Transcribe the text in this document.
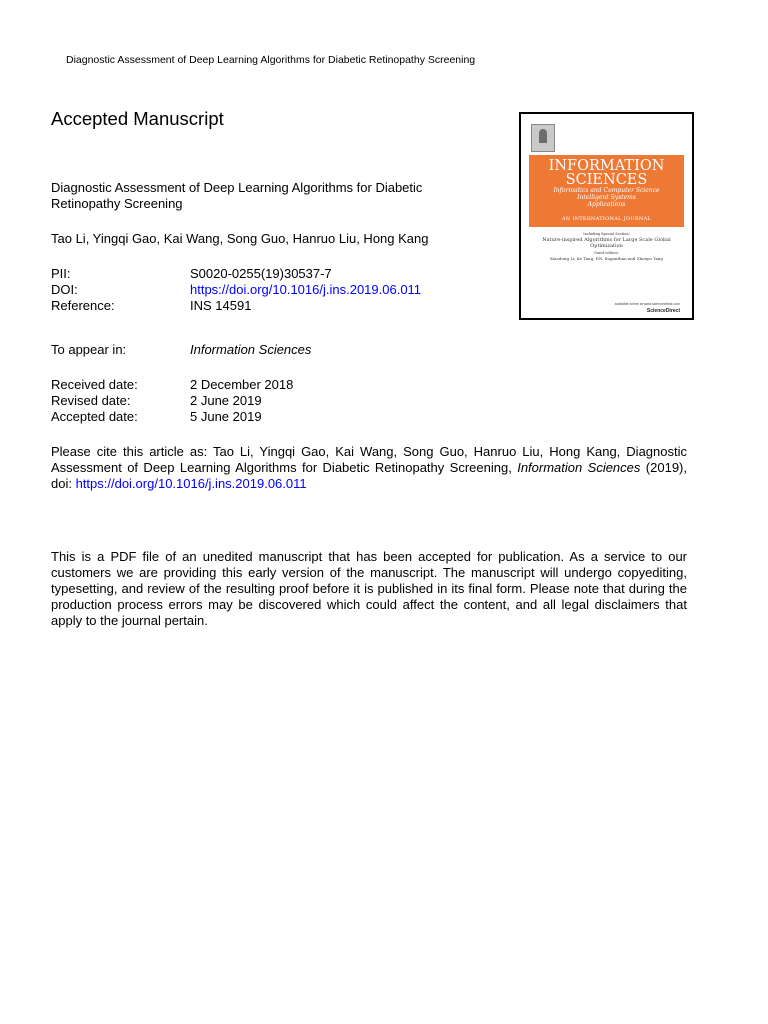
Diagnostic Assessment of Deep Learning Algorithms for Diabetic Retinopathy Screening
Accepted Manuscript
INFORMATION
SCIENCES
Informatics and Computer Science
Intelligent Systems
Applications
AN INTERNATIONAL JOURNAL
Including Special Section:
Nature-inspired Algorithms for Large Scale Global Optimization
Guest editors:
Xiaodong Li, Ke Tang, P.N. Suganthan and Zhenyu Yang
available online at www.sciencedirect.com
ScienceDirect
Diagnostic Assessment of Deep Learning Algorithms for Diabetic Retinopathy Screening
Tao Li, Yingqi Gao, Kai Wang, Song Guo, Hanruo Liu, Hong Kang
PII:	S0020-0255(19)30537-7
DOI:	https://doi.org/10.1016/j.ins.2019.06.011
Reference:	INS 14591
To appear in:	Information Sciences
Received date:	2 December 2018
Revised date:	2 June 2019
Accepted date:	5 June 2019
Please cite this article as: Tao Li, Yingqi Gao, Kai Wang, Song Guo, Hanruo Liu, Hong Kang, Diagnostic Assessment of Deep Learning Algorithms for Diabetic Retinopathy Screening, Information Sciences (2019), doi: https://doi.org/10.1016/j.ins.2019.06.011
This is a PDF file of an unedited manuscript that has been accepted for publication. As a service to our customers we are providing this early version of the manuscript. The manuscript will undergo copyediting, typesetting, and review of the resulting proof before it is published in its final form. Please note that during the production process errors may be discovered which could affect the content, and all legal disclaimers that apply to the journal pertain.
